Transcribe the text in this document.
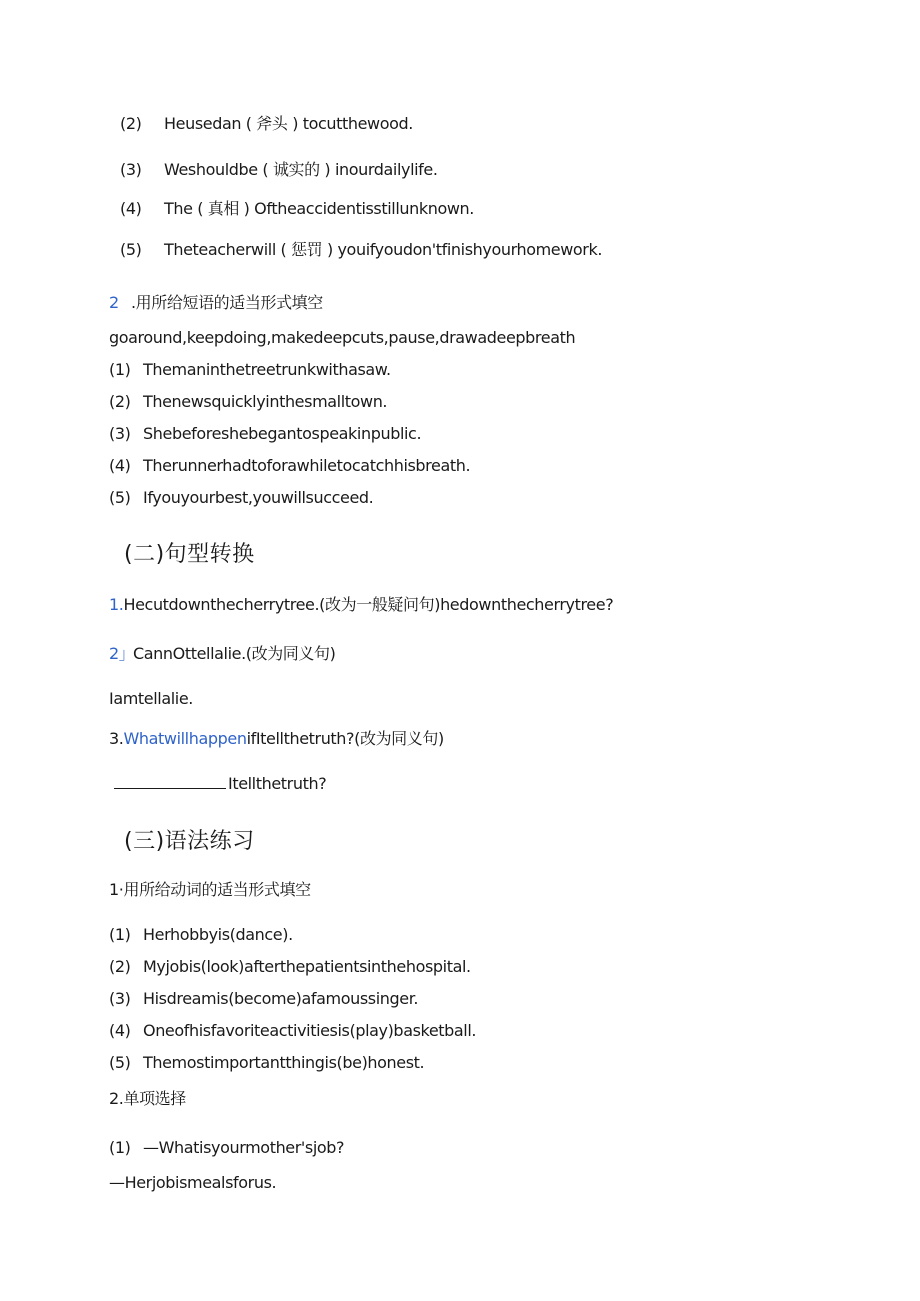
(2) Heusedan ( 斧头 ) tocutthewood.
(3) Weshouldbe ( 诚实的 ) inourdailylife.
(4) The ( 真相 ) Oftheaccidentisstillunknown.
(5) Theteacherwill ( 惩罚 ) youifyoudon'tfinishyourhomework.
2 .用所给短语的适当形式填空
goaround,keepdoing,makedeepcuts,pause,drawadeepbreath
(1) Themaninthetreetrunkwithasaw.
(2) Thenewsquicklyinthesmalltown.
(3) Shebeforeshebegantospeakinpublic.
(4) Therunnerhadtoforawhiletocatchhisbreath.
(5) Ifyouyourbest,youwillsucceed.
(二)句型转换
1.Hecutdownthecherrytree.(改为一般疑问句)hedownthecherrytree?
2」CannOttellalie.(改为同义句)
Iamtellalie.
3.WhatwillhappenifItellthetruth?(改为同义句)
Itellthetruth?
(三)语法练习
1·用所给动词的适当形式填空
(1) Herhobbyis(dance).
(2) Myjobis(look)afterthepatientsinthehospital.
(3) Hisdreamis(become)afamoussinger.
(4) Oneofhisfavoriteactivitiesis(play)basketball.
(5) Themostimportantthingis(be)honest.
2.单项选择
(1) —Whatisyourmother'sjob?
—Herjobismealsforus.
